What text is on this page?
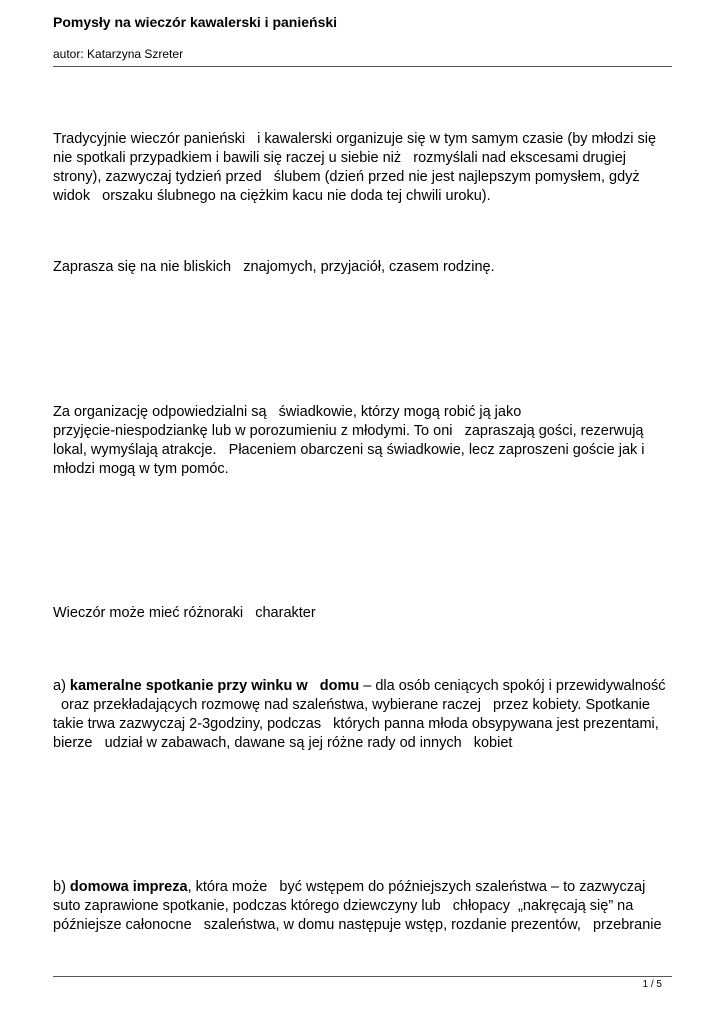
Pomysły na wieczór kawalerski i panieński
autor: Katarzyna Szreter
Tradycyjnie wieczór panieński   i kawalerski organizuje się w tym samym czasie (by młodzi się
nie spotkali przypadkiem i bawili się raczej u siebie niż   rozmyślali nad ekscesami drugiej
strony), zazwyczaj tydzień przed   ślubem (dzień przed nie jest najlepszym pomysłem, gdyż
widok   orszaku ślubnego na ciężkim kacu nie doda tej chwili uroku).
Zaprasza się na nie bliskich   znajomych, przyjaciół, czasem rodzinę.
Za organizację odpowiedzialni są   świadkowie, którzy mogą robić ją jako
przyjęcie-niespodziankę lub w porozumieniu z młodymi. To oni   zapraszają gości, rezerwują
lokal, wymyślają atrakcje.   Płaceniem obarczeni są świadkowie, lecz zaproszeni goście jak i
młodzi mogą w tym pomóc.
Wieczór może mieć różnoraki   charakter
a) kameralne spotkanie przy winku w   domu – dla osób ceniących spokój i przewidywalność
oraz przekładających rozmowę nad szaleństwa, wybierane raczej   przez kobiety. Spotkanie
takie trwa zazwyczaj 2-3godziny, podczas   których panna młoda obsypywana jest prezentami,
bierze   udział w zabawach, dawane są jej różne rady od innych   kobiet
b) domowa impreza, która może   być wstępem do późniejszych szaleństwa – to zazwyczaj
suto zaprawione spotkanie, podczas którego dziewczyny lub   chłopacy  „nakręcają się” na
późniejsze całonocne   szaleństwa, w domu następuje wstęp, rozdanie prezentów,   przebranie
1 / 5
